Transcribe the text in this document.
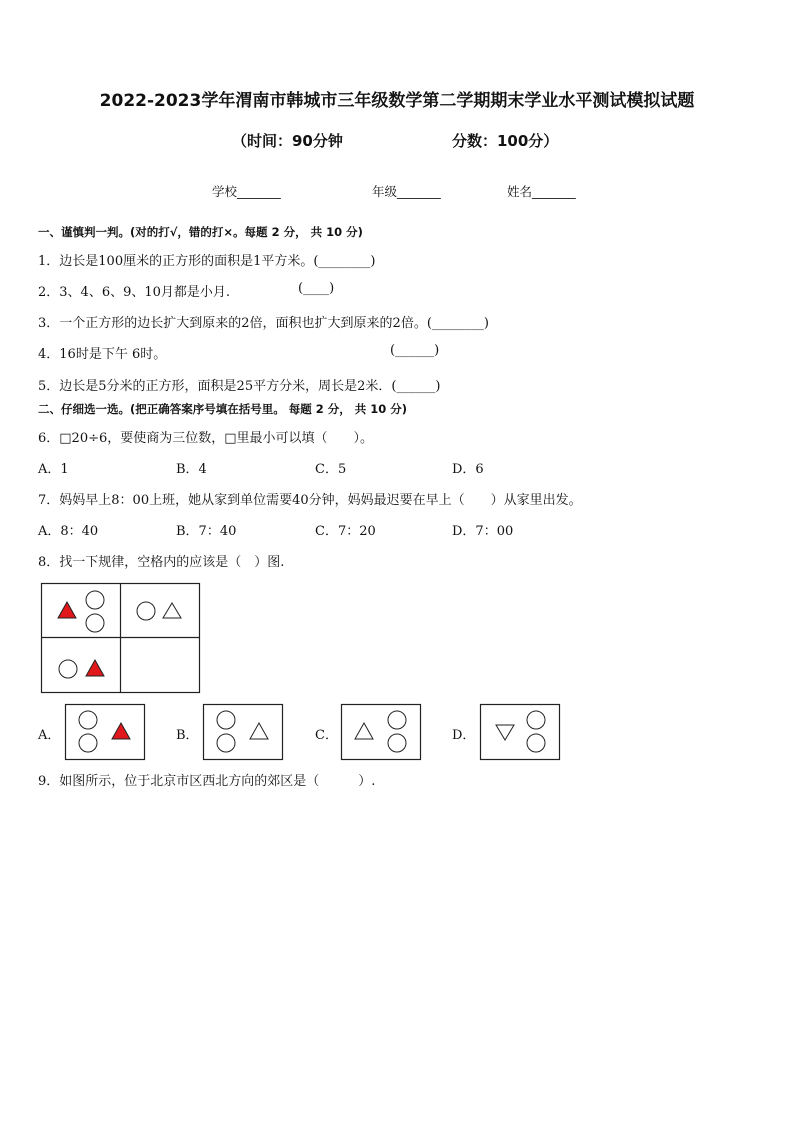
2022-2023学年渭南市韩城市三年级数学第二学期期末学业水平测试模拟试题
（时间：90分钟	分数：100分）
学校_______	年级_______	姓名_______
一、谨慎判一判。(对的打√，错的打×。每题 2 分， 共 10 分)
1．边长是100厘米的正方形的面积是1平方米。(________)
2．3、4、6、9、10月都是小月.	(____)
3．一个正方形的边长扩大到原来的2倍，面积也扩大到原来的2倍。(________)
4．16时是下午 6时。	(______)
5．边长是5分米的正方形，面积是25平方分米，周长是2米．(______)
二、仔细选一选。(把正确答案序号填在括号里。 每题 2 分， 共 10 分)
6．□20÷6，要使商为三位数，□里最小可以填（　　）。
A．1	B．4	C．5	D．6
7．妈妈早上8：00上班，她从家到单位需要40分钟，妈妈最迟要在早上（　　）从家里出发。
A．8：40	B．7：40	C．7：20	D．7：00
8．找一下规律，空格内的应该是（　）图.
A．	B．	C．	D．
9．如图所示，位于北京市区西北方向的郊区是（　　　）.
